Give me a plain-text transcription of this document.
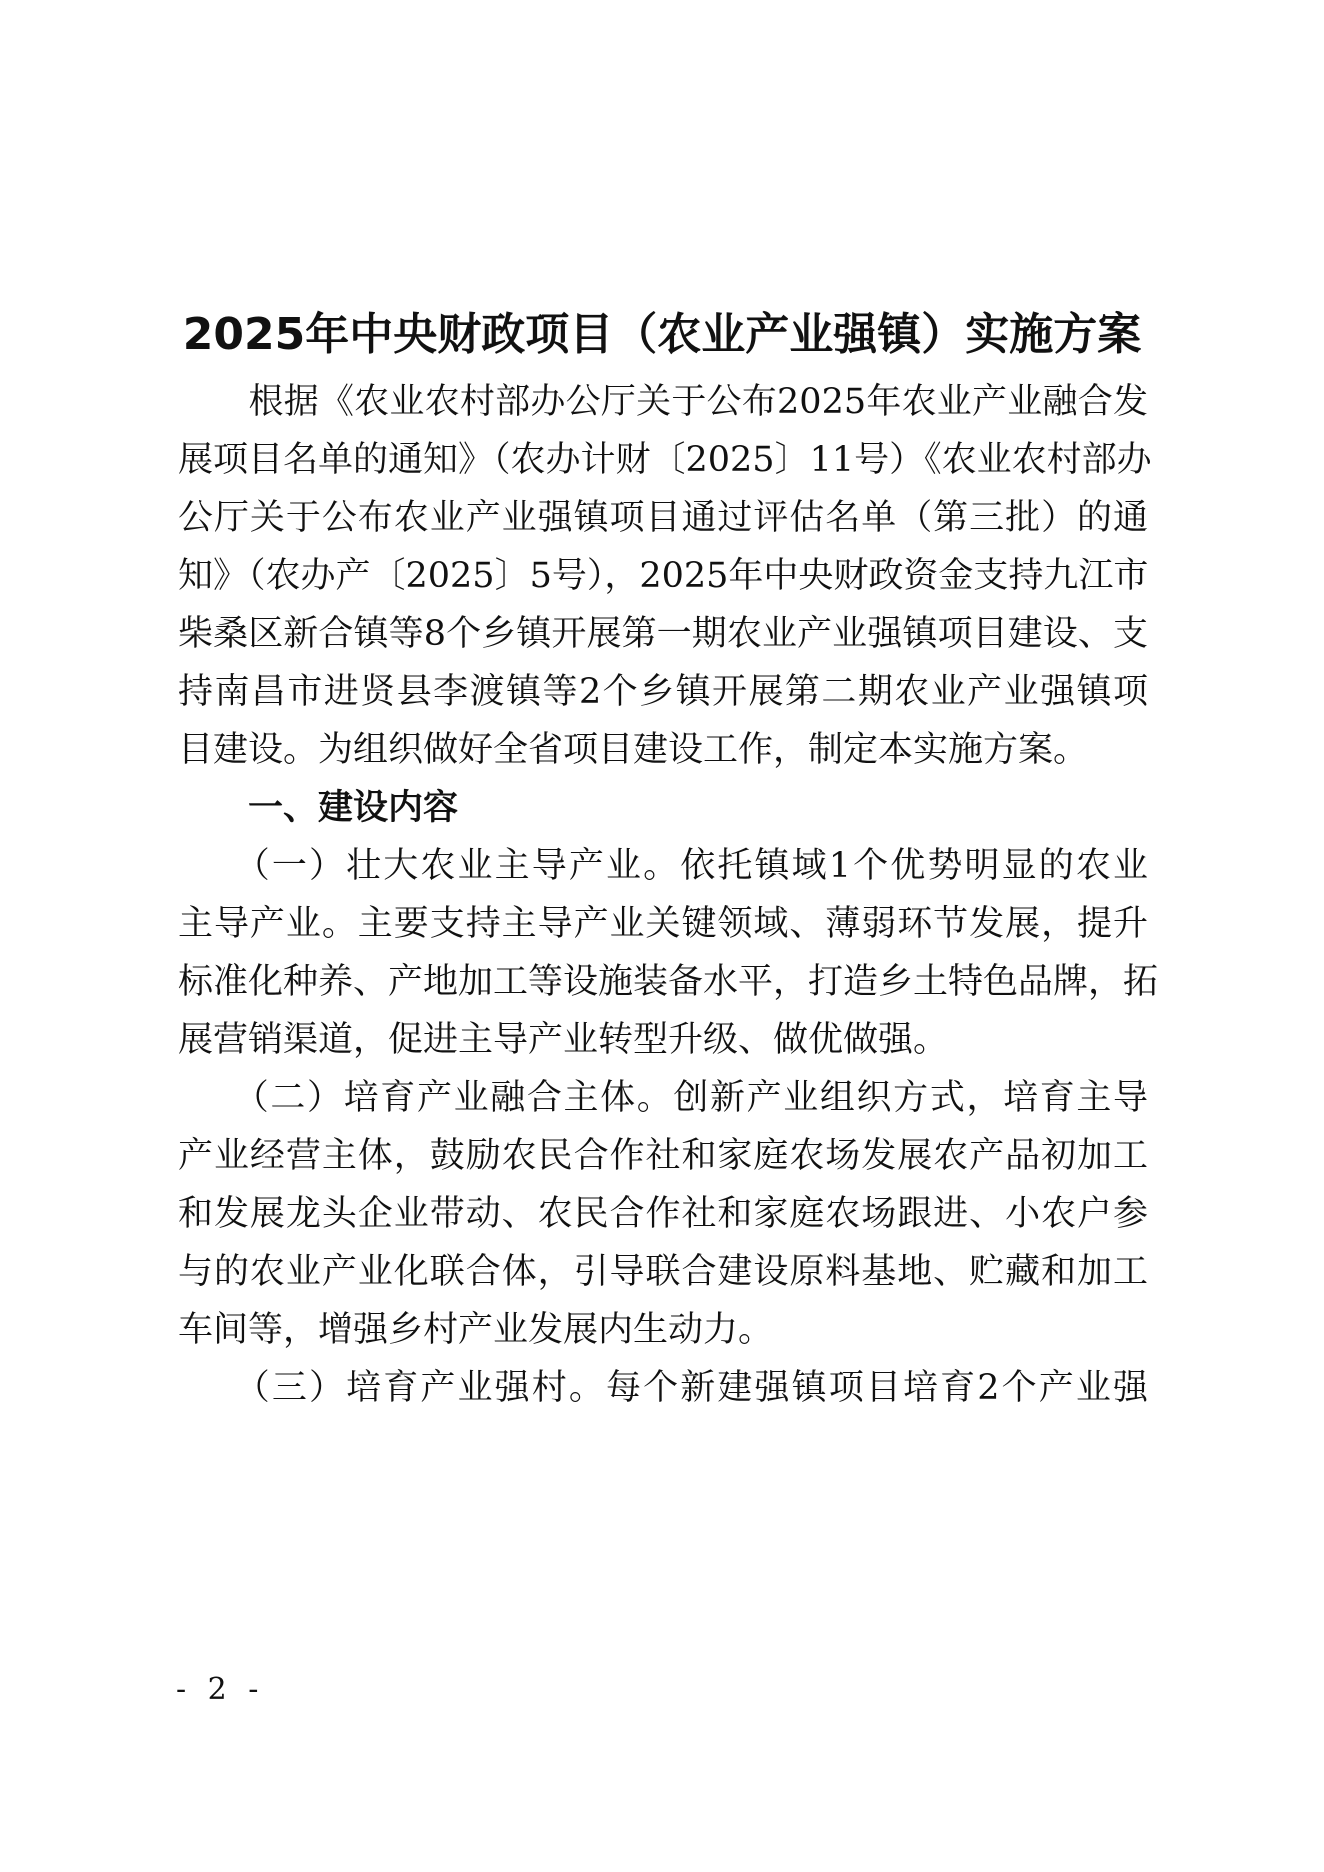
2025年中央财政项目（农业产业强镇）实施方案
　　根据《农业农村部办公厅关于公布2025年农业产业融合发
展项目名单的通知》（农办计财〔2025〕11号）《农业农村部办
公厅关于公布农业产业强镇项目通过评估名单（第三批）的通
知》（农办产〔2025〕5号），2025年中央财政资金支持九江市
柴桑区新合镇等8个乡镇开展第一期农业产业强镇项目建设、支
持南昌市进贤县李渡镇等2个乡镇开展第二期农业产业强镇项
目建设。为组织做好全省项目建设工作，制定本实施方案。
　　一、建设内容
　　（一）壮大农业主导产业。依托镇域1个优势明显的农业
主导产业。主要支持主导产业关键领域、薄弱环节发展，提升
标准化种养、产地加工等设施装备水平，打造乡土特色品牌，拓
展营销渠道，促进主导产业转型升级、做优做强。
　　（二）培育产业融合主体。创新产业组织方式，培育主导
产业经营主体，鼓励农民合作社和家庭农场发展农产品初加工
和发展龙头企业带动、农民合作社和家庭农场跟进、小农户参
与的农业产业化联合体，引导联合建设原料基地、贮藏和加工
车间等，增强乡村产业发展内生动力。
　　（三）培育产业强村。每个新建强镇项目培育2个产业强
- 2 -
